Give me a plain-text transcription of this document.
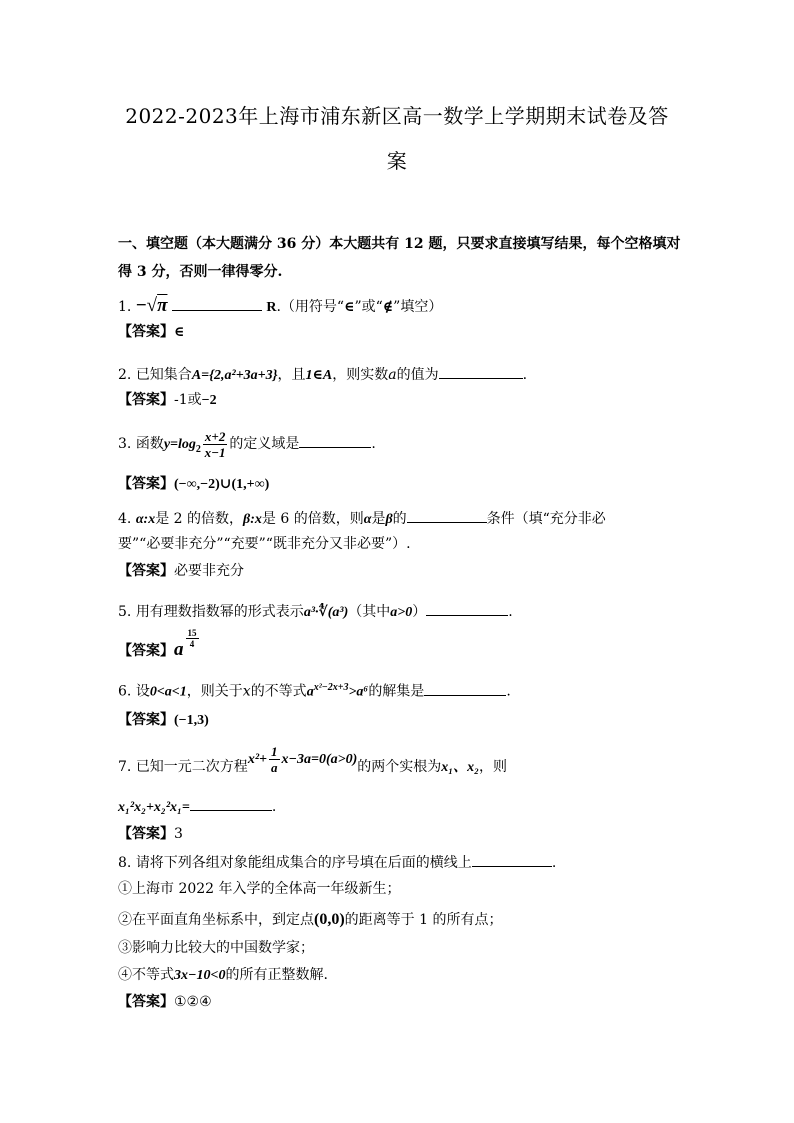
2022-2023年上海市浦东新区高一数学上学期期末试卷及答
案
一、填空题（本大题满分 36 分）本大题共有 12 题，只要求直接填写结果，每个空格填对
得 3 分，否则一律得零分.
1. −√π	R.（用符号“∈”或“∉”填空）
【答案】∈
2. 已知集合A={2,a²+3a+3}，且1∈A，则实数a的值为	.
【答案】-1或−2
3. 函数$y=\log_2 \frac{x+2}{x-1}$ 的定义域是	.
【答案】(−∞,−2)∪(1,+∞)
4. α:x是 2 的倍数，β:x是 6 的倍数，则α是β的	条件（填“充分非必
要”“必要非充分”“充要”“既非充分又非必要”）.
【答案】必要非充分
5. 用有理数指数幂的形式表示a³·∜(a³)（其中a>0）	.
【答案】a
$\frac{15}{4}$
6. 设0<a<1，则关于x的不等式$a^{x^2-2x+3}>a^6$的解集是	.
【答案】(−1,3)
7. 已知一元二次方程$x^2+ \frac{1}{a} x-3a=0(a>0)$的两个实根为x₁、x₂，则
x₁²x₂+x₂²x₁=	.
【答案】3
8. 请将下列各组对象能组成集合的序号填在后面的横线上	.
①上海市 2022 年入学的全体高一年级新生；
②在平面直角坐标系中，到定点(0,0)的距离等于 1 的所有点；
③影响力比较大的中国数学家；
④不等式3x−10<0的所有正整数解.
【答案】①②④
